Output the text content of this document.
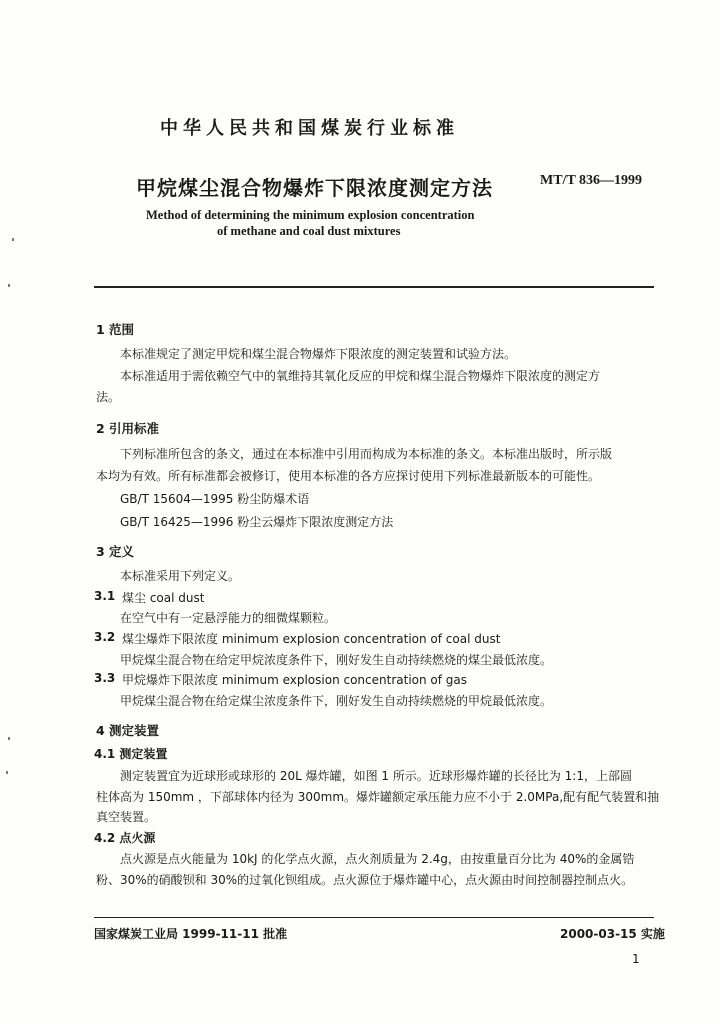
中华人民共和国煤炭行业标准
甲烷煤尘混合物爆炸下限浓度测定方法	MT/T 836—1999
Method of determining the minimum explosion concentration
of methane and coal dust mixtures
1 范围
本标准规定了测定甲烷和煤尘混合物爆炸下限浓度的测定装置和试验方法。
本标准适用于需依赖空气中的氧维持其氧化反应的甲烷和煤尘混合物爆炸下限浓度的测定方
法。
2 引用标准
下列标准所包含的条文，通过在本标准中引用而构成为本标准的条文。本标准出版时，所示版
本均为有效。所有标准都会被修订，使用本标准的各方应探讨使用下列标准最新版本的可能性。
GB/T 15604—1995 粉尘防爆术语
GB/T 16425—1996 粉尘云爆炸下限浓度测定方法
3 定义
本标准采用下列定义。
3.1 煤尘 coal dust
在空气中有一定悬浮能力的细微煤颗粒。
3.2 煤尘爆炸下限浓度 minimum explosion concentration of coal dust
甲烷煤尘混合物在给定甲烷浓度条件下，刚好发生自动持续燃烧的煤尘最低浓度。
3.3 甲烷爆炸下限浓度 minimum explosion concentration of gas
甲烷煤尘混合物在给定煤尘浓度条件下，刚好发生自动持续燃烧的甲烷最低浓度。
4 测定装置
4.1 测定装置
测定装置宜为近球形或球形的 20L 爆炸罐，如图 1 所示。近球形爆炸罐的长径比为 1:1，上部圆
柱体高为 150mm ，下部球体内径为 300mm。爆炸罐额定承压能力应不小于 2.0MPa,配有配气装置和抽
真空装置。
4.2 点火源
点火源是点火能量为 10kJ 的化学点火源，点火剂质量为 2.4g，由按重量百分比为 40%的金属锆
粉、30%的硝酸钡和 30%的过氧化钡组成。点火源位于爆炸罐中心，点火源由时间控制器控制点火。
国家煤炭工业局 1999-11-11 批准	2000-03-15 实施
1
